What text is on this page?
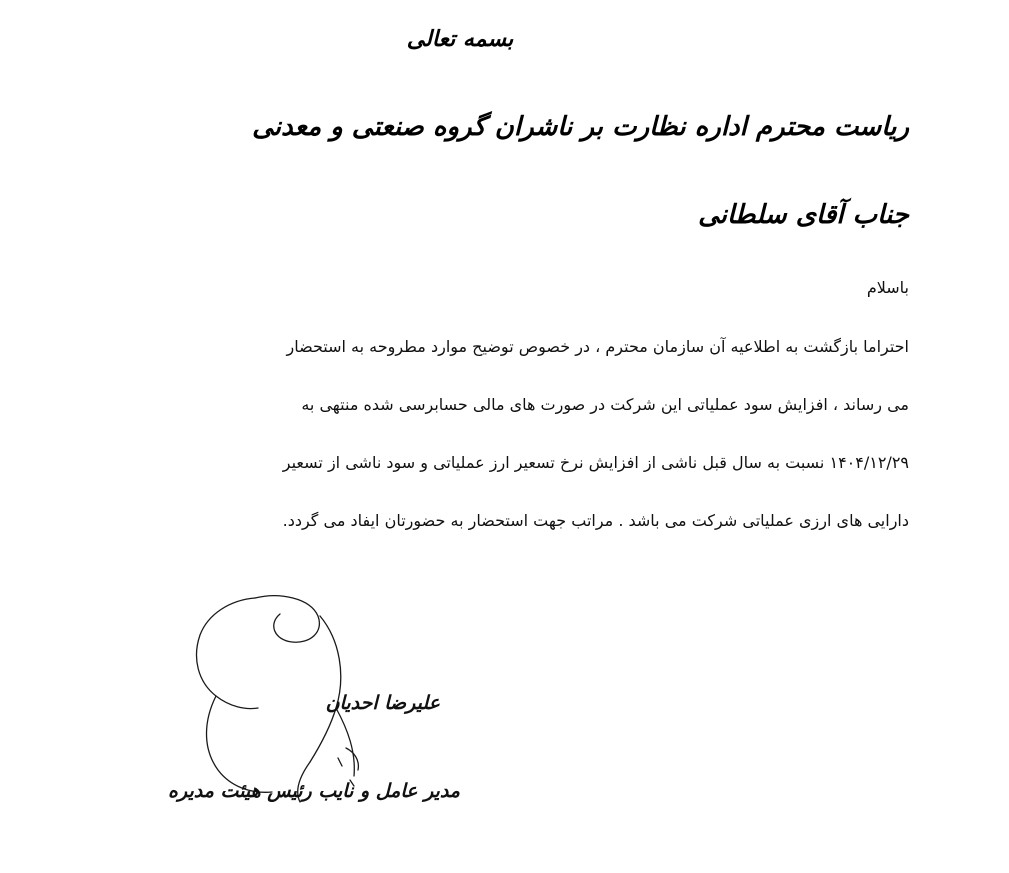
بسمه تعالی
ریاست محترم اداره نظارت بر ناشران گروه صنعتی و معدنی
جناب آقای سلطانی
باسلام
احتراما بازگشت به اطلاعیه آن سازمان محترم ، در خصوص توضیح موارد مطروحه به استحضار
می رساند ، افزایش سود عملیاتی این شرکت در صورت های مالی حسابرسی شده منتهی به
۱۴۰۴/۱۲/۲۹ نسبت به سال قبل ناشی از افزایش نرخ تسعیر ارز عملیاتی و سود ناشی از تسعیر
دارایی های ارزی عملیاتی شرکت می باشد . مراتب جهت استحضار به حضورتان ایفاد می گردد.
علیرضا احدیان
مدیر عامل و نایب رئیس هیئت مدیره
